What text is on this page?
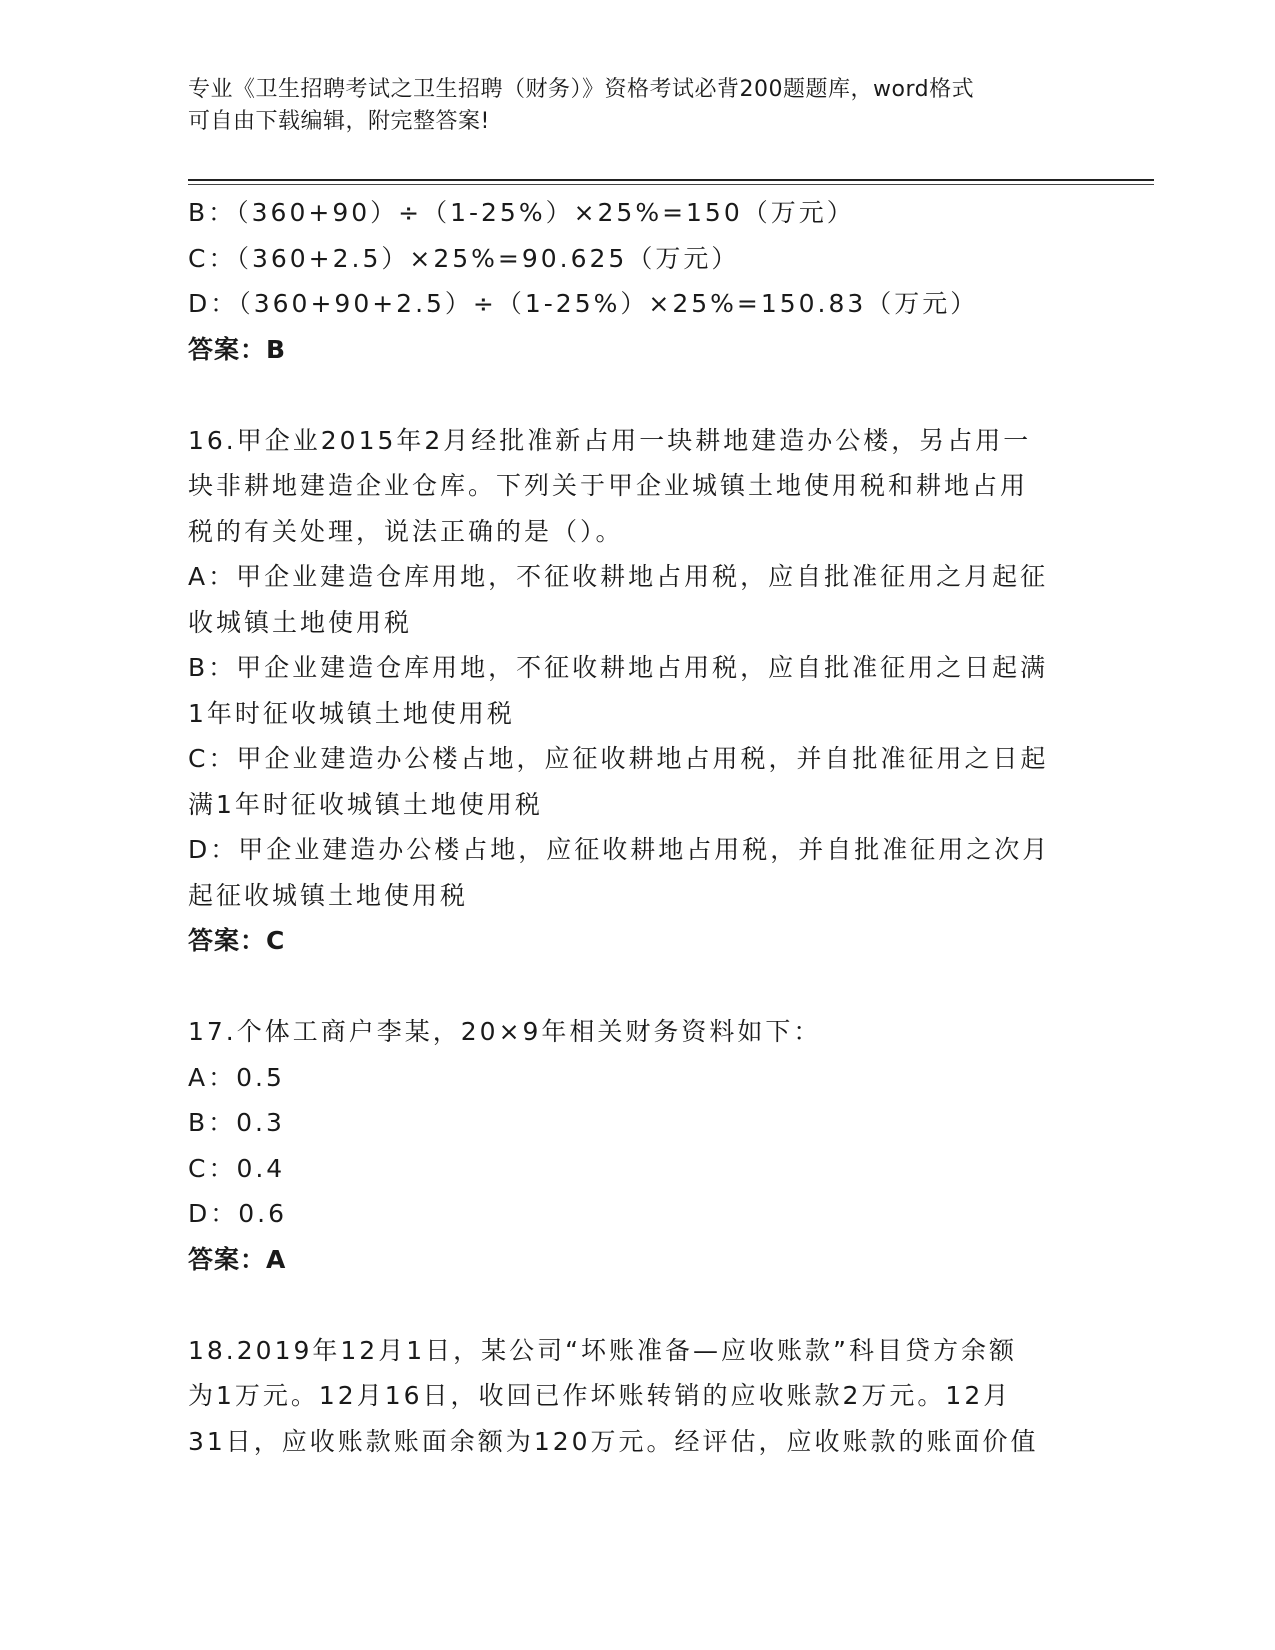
专业《卫生招聘考试之卫生招聘（财务）》资格考试必背200题题库，word格式
可自由下载编辑，附完整答案!
B：（360+90）÷（1-25%）×25%=150（万元）
C：（360+2.5）×25%=90.625（万元）
D：（360+90+2.5）÷（1-25%）×25%=150.83（万元）
答案：B
16.甲企业2015年2月经批准新占用一块耕地建造办公楼，另占用一
块非耕地建造企业仓库。下列关于甲企业城镇土地使用税和耕地占用
税的有关处理，说法正确的是（）。
A：甲企业建造仓库用地，不征收耕地占用税，应自批准征用之月起征
收城镇土地使用税
B：甲企业建造仓库用地，不征收耕地占用税，应自批准征用之日起满
1年时征收城镇土地使用税
C：甲企业建造办公楼占地，应征收耕地占用税，并自批准征用之日起
满1年时征收城镇土地使用税
D：甲企业建造办公楼占地，应征收耕地占用税，并自批准征用之次月
起征收城镇土地使用税
答案：C
17.个体工商户李某，20×9年相关财务资料如下：
A：0.5
B：0.3
C：0.4
D：0.6
答案：A
18.2019年12月1日，某公司“坏账准备—应收账款”科目贷方余额
为1万元。12月16日，收回已作坏账转销的应收账款2万元。12月
31日，应收账款账面余额为120万元。经评估，应收账款的账面价值
